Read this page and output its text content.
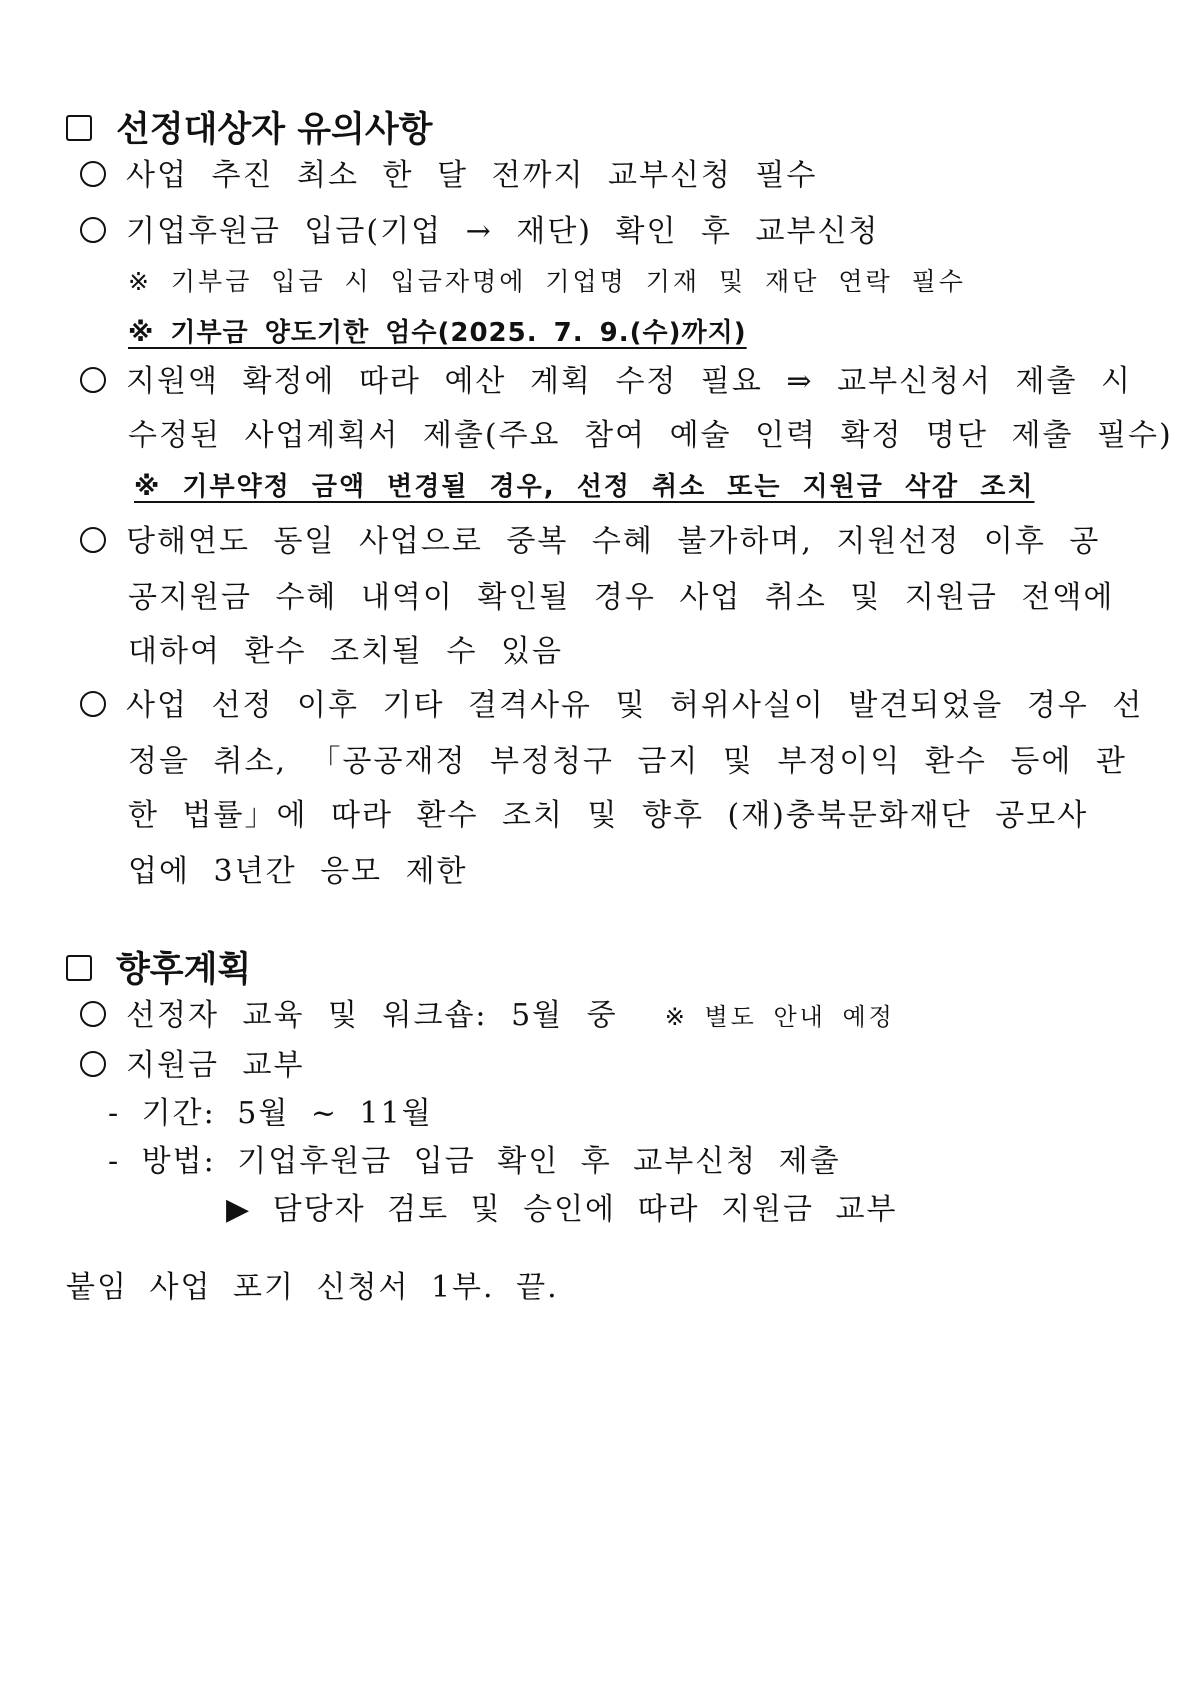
선정대상자 유의사항
사업 추진 최소 한 달 전까지 교부신청 필수
기업후원금 입금(기업 → 재단) 확인 후 교부신청
※ 기부금 입금 시 입금자명에 기업명 기재 및 재단 연락 필수
※ 기부금 양도기한 엄수(2025. 7. 9.(수)까지)
지원액 확정에 따라 예산 계획 수정 필요 ⇒ 교부신청서 제출 시
수정된 사업계획서 제출(주요 참여 예술 인력 확정 명단 제출 필수)
※ 기부약정 금액 변경될 경우, 선정 취소 또는 지원금 삭감 조치
당해연도 동일 사업으로 중복 수혜 불가하며, 지원선정 이후 공
공지원금 수혜 내역이 확인될 경우 사업 취소 및 지원금 전액에
대하여 환수 조치될 수 있음
사업 선정 이후 기타 결격사유 및 허위사실이 발견되었을 경우 선
정을 취소, 「공공재정 부정청구 금지 및 부정이익 환수 등에 관
한 법률」에 따라 환수 조치 및 향후 (재)충북문화재단 공모사
업에 3년간 응모 제한
향후계획
선정자 교육 및 워크숍: 5월 중 ※ 별도 안내 예정
지원금 교부
- 기간: 5월 ~ 11월
- 방법: 기업후원금 입금 확인 후 교부신청 제출
▶ 담당자 검토 및 승인에 따라 지원금 교부
붙임 사업 포기 신청서 1부. 끝.
